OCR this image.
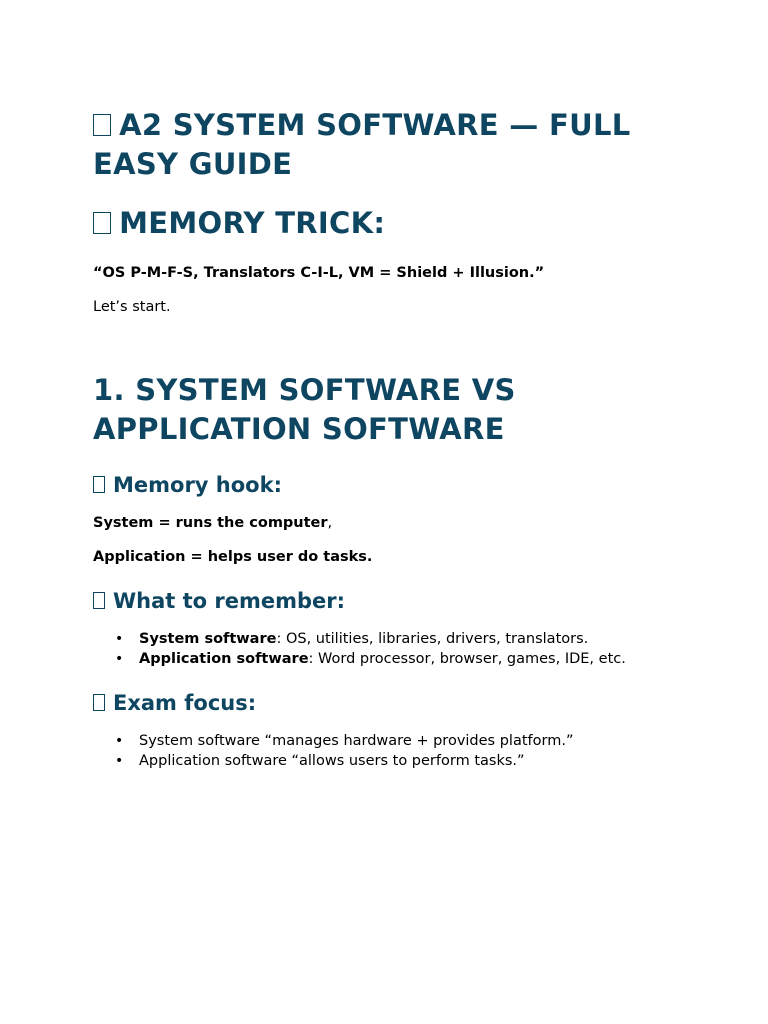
A2 SYSTEM SOFTWARE — FULL EASY GUIDE
MEMORY TRICK:

“OS P-M-F-S, Translators C-I-L, VM = Shield + Illusion.”

Let’s start.

1. SYSTEM SOFTWARE VS APPLICATION SOFTWARE
Memory hook:

System = runs the computer,

Application = helps user do tasks.

What to remember:
• System software: OS, utilities, libraries, drivers, translators.
• Application software: Word processor, browser, games, IDE, etc.
Exam focus:
• System software “manages hardware + provides platform.”
• Application software “allows users to perform tasks.”
